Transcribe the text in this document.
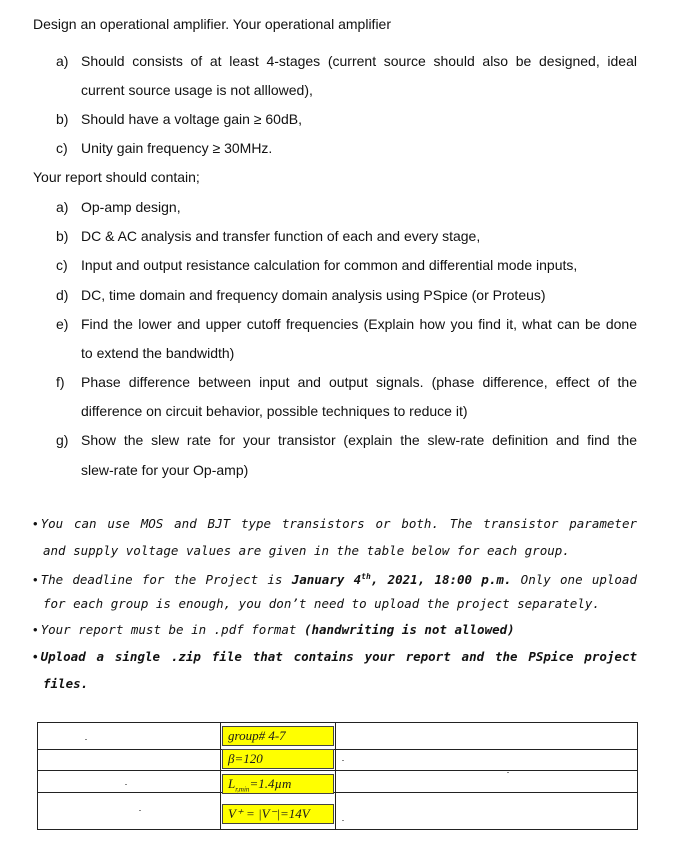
Design an operational amplifier. Your operational amplifier
a) Should consists of at least 4-stages (current source should also be designed, ideal
current source usage is not alllowed),
b) Should have a voltage gain ≥ 60dB,
c) Unity gain frequency ≥ 30MHz.
Your report should contain;
a) Op-amp design,
b) DC & AC analysis and transfer function of each and every stage,
c) Input and output resistance calculation for common and differential mode inputs,
d) DC, time domain and frequency domain analysis using PSpice (or Proteus)
e) Find the lower and upper cutoff frequencies (Explain how you find it, what can be done
to extend the bandwidth)
f) Phase difference between input and output signals. (phase difference, effect of the
difference on circuit behavior, possible techniques to reduce it)
g) Show the slew rate for your transistor (explain the slew-rate definition and find the
slew-rate for your Op-amp)
• You can use MOS and BJT type transistors or both. The transistor parameter
and supply voltage values are given in the table below for each group.
• The deadline for the Project is January 4th, 2021, 18:00 p.m. Only one upload
for each group is enough, you don’t need to upload the project separately.
• Your report must be in .pdf format (handwriting is not allowed)
• Upload a single .zip file that contains your report and the PSpice project
files.
group# 4-7
β=120
$L_{r,min}=1.4\mu m$
V⁺ = |V⁻|=14V
